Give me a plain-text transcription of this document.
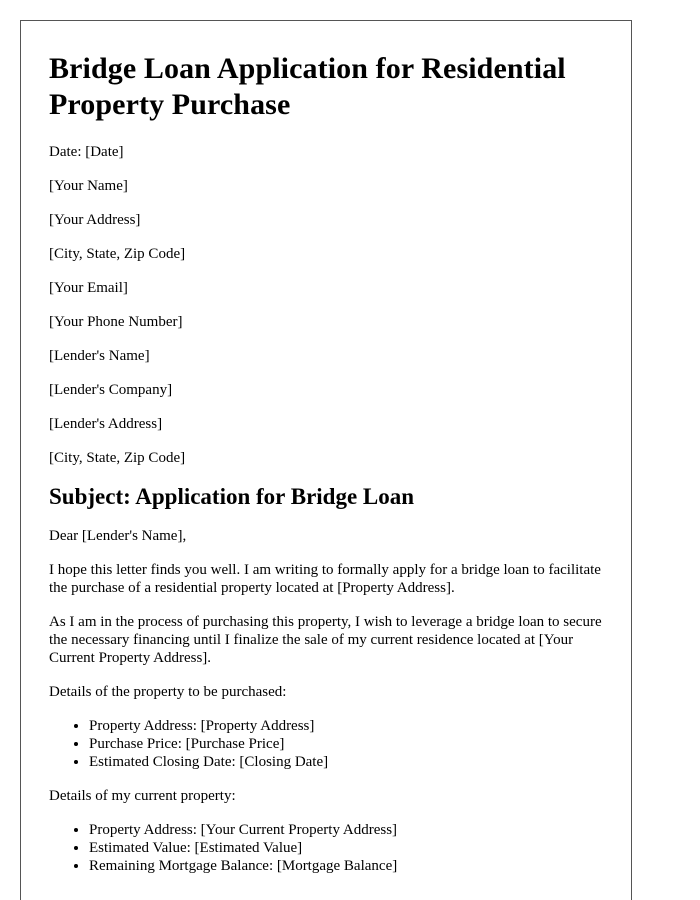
Bridge Loan Application for Residential Property Purchase

Date: [Date]

[Your Name]

[Your Address]

[City, State, Zip Code]

[Your Email]

[Your Phone Number]

[Lender's Name]

[Lender's Company]

[Lender's Address]

[City, State, Zip Code]

Subject: Application for Bridge Loan

Dear [Lender's Name],

I hope this letter finds you well. I am writing to formally apply for a bridge loan to facilitate the purchase of a residential property located at [Property Address].

As I am in the process of purchasing this property, I wish to leverage a bridge loan to secure the necessary financing until I finalize the sale of my current residence located at [Your Current Property Address].

Details of the property to be purchased:

• Property Address: [Property Address]
• Purchase Price: [Purchase Price]
• Estimated Closing Date: [Closing Date]

Details of my current property:

• Property Address: [Your Current Property Address]
• Estimated Value: [Estimated Value]
• Remaining Mortgage Balance: [Mortgage Balance]
